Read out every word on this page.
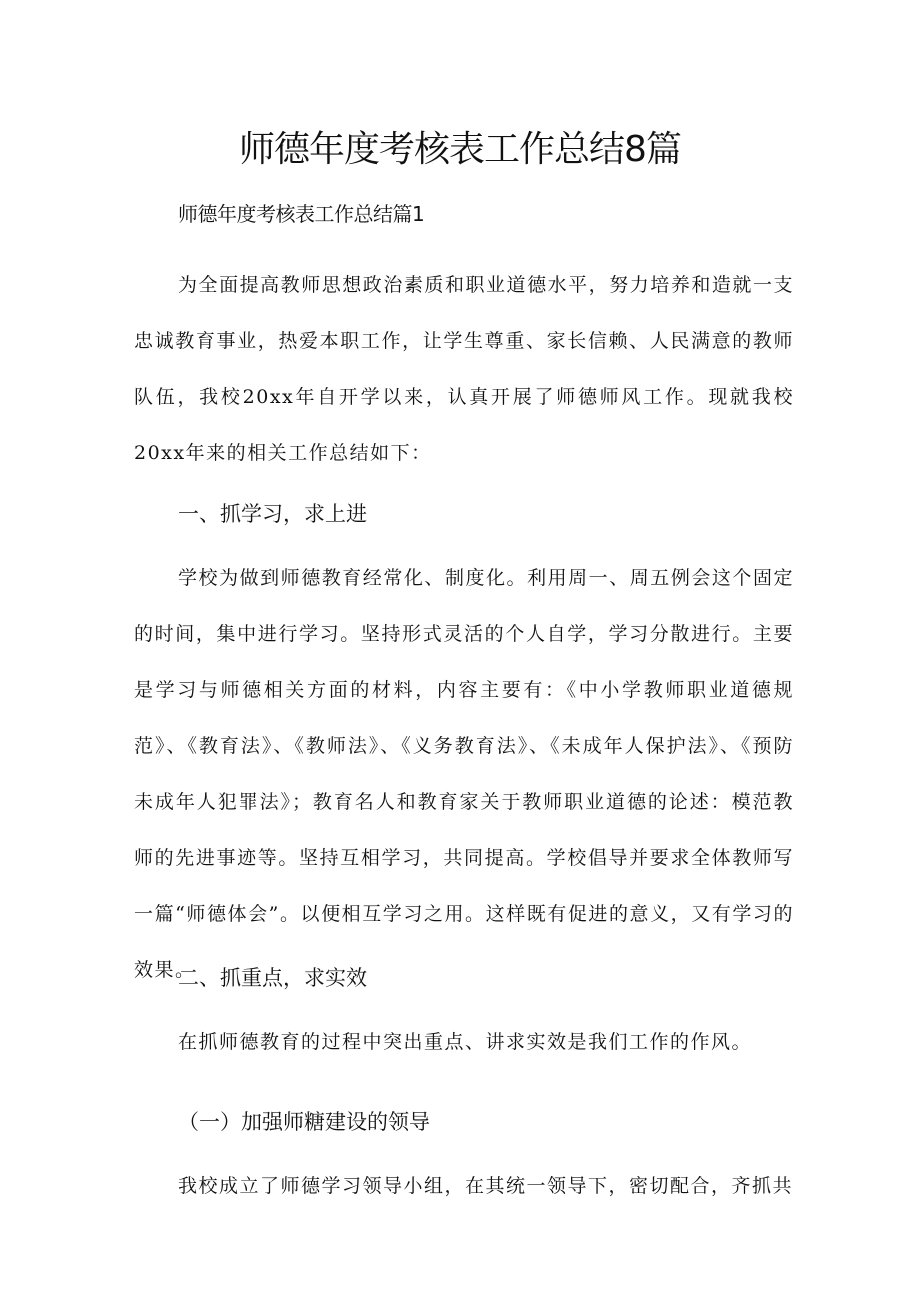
师德年度考核表工作总结8篇
师德年度考核表工作总结篇1
为全面提高教师思想政治素质和职业道德水平，努力培养和造就一支忠诚教育事业，热爱本职工作，让学生尊重、家长信赖、人民满意的教师队伍，我校20xx年自开学以来，认真开展了师德师风工作。现就我校20xx年来的相关工作总结如下：
一、抓学习，求上进
学校为做到师德教育经常化、制度化。利用周一、周五例会这个固定的时间，集中进行学习。坚持形式灵活的个人自学，学习分散进行。主要是学习与师德相关方面的材料，内容主要有：《中小学教师职业道德规范》、《教育法》、《教师法》、《义务教育法》、《未成年人保护法》、《预防未成年人犯罪法》；教育名人和教育家关于教师职业道德的论述：模范教师的先进事迹等。坚持互相学习，共同提高。学校倡导并要求全体教师写一篇“师德体会”。以便相互学习之用。这样既有促进的意义，又有学习的效果。
二、抓重点，求实效
在抓师德教育的过程中突出重点、讲求实效是我们工作的作风。
（一）加强师糖建设的领导
我校成立了师德学习领导小组，在其统一领导下，密切配合，齐抓共
